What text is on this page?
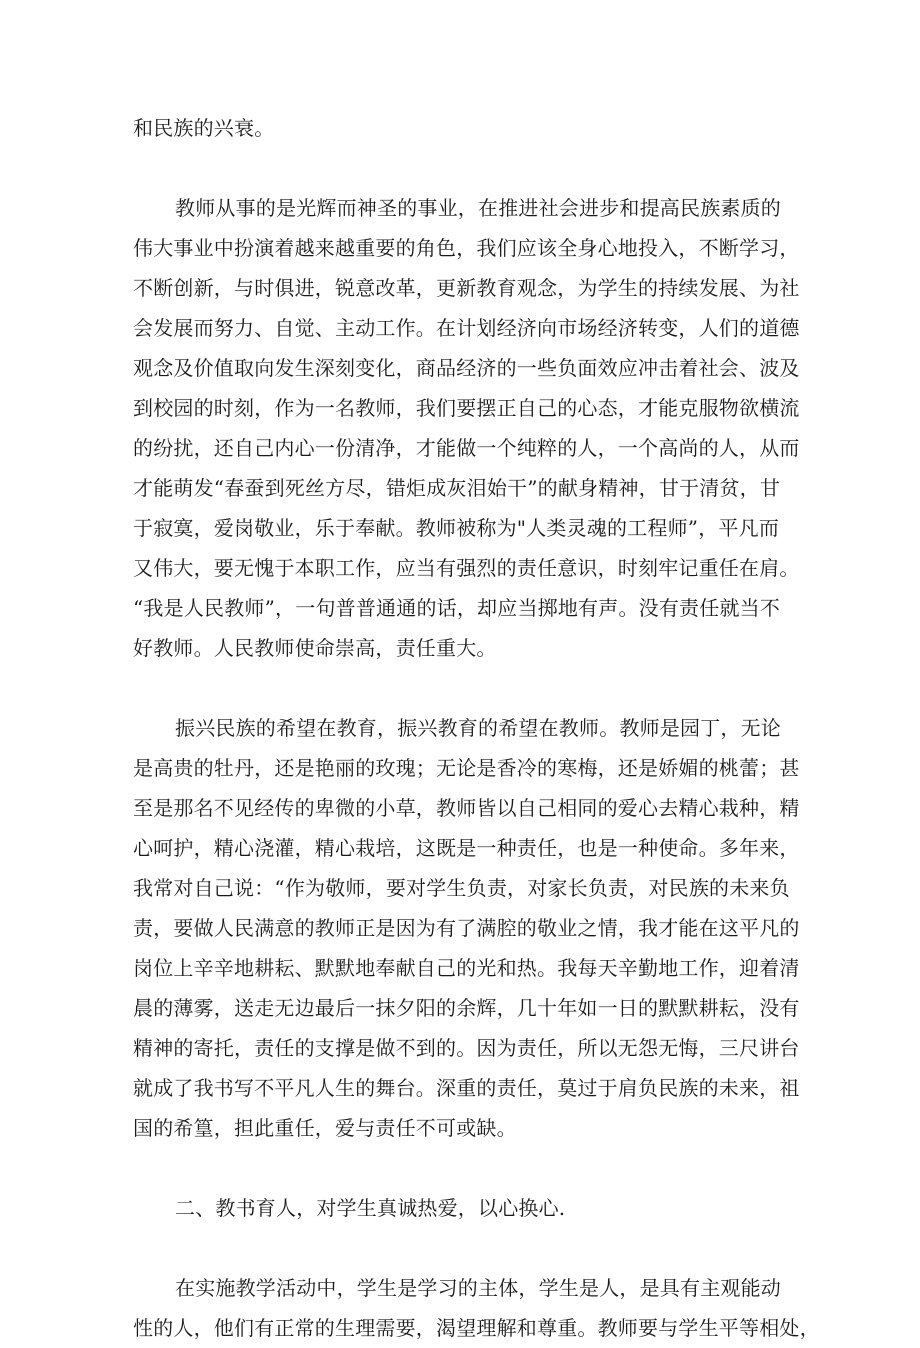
和民族的兴衰。
教师从事的是光辉而神圣的事业，在推进社会进步和提高民族素质的
伟大事业中扮演着越来越重要的角色，我们应该全身心地投入，不断学习，
不断创新，与时俱进，锐意改革，更新教育观念，为学生的持续发展、为社
会发展而努力、自觉、主动工作。在计划经济向市场经济转变，人们的道德
观念及价值取向发生深刻变化，商品经济的一些负面效应冲击着社会、波及
到校园的时刻，作为一名教师，我们要摆正自己的心态，才能克服物欲横流
的纷扰，还自己内心一份清净，才能做一个纯粹的人，一个高尚的人，从而
才能萌发“春蚕到死丝方尽，错炬成灰泪始干”的献身精神，甘于清贫，甘
于寂寞，爱岗敬业，乐于奉献。教师被称为"人类灵魂的工程师”，平凡而
又伟大，要无愧于本职工作，应当有强烈的责任意识，时刻牢记重任在肩。
“我是人民教师”，一句普普通通的话，却应当掷地有声。没有责任就当不
好教师。人民教师使命崇高，责任重大。
振兴民族的希望在教育，振兴教育的希望在教师。教师是园丁，无论
是高贵的牡丹，还是艳丽的玫瑰；无论是香冷的寒梅，还是娇媚的桃蕾；甚
至是那名不见经传的卑微的小草，教师皆以自己相同的爱心去精心栽种，精
心呵护，精心浇灌，精心栽培，这既是一种责任，也是一种使命。多年来，
我常对自己说：“作为敬师，要对学生负责，对家长负责，对民族的未来负
责，要做人民满意的教师正是因为有了满腔的敬业之情，我才能在这平凡的
岗位上辛辛地耕耘、默默地奉献自己的光和热。我每天辛勤地工作，迎着清
晨的薄雾，送走无边最后一抹夕阳的余辉，几十年如一日的默默耕耘，没有
精神的寄托，责任的支撑是做不到的。因为责任，所以无怨无悔，三尺讲台
就成了我书写不平凡人生的舞台。深重的责任，莫过于肩负民族的未来，祖
国的希篁，担此重任，爱与责任不可或缺。
二、教书育人，对学生真诚热爱，以心换心.
在实施教学活动中，学生是学习的主体，学生是人，是具有主观能动
性的人，他们有正常的生理需要，渴望理解和尊重。教师要与学生平等相处，
